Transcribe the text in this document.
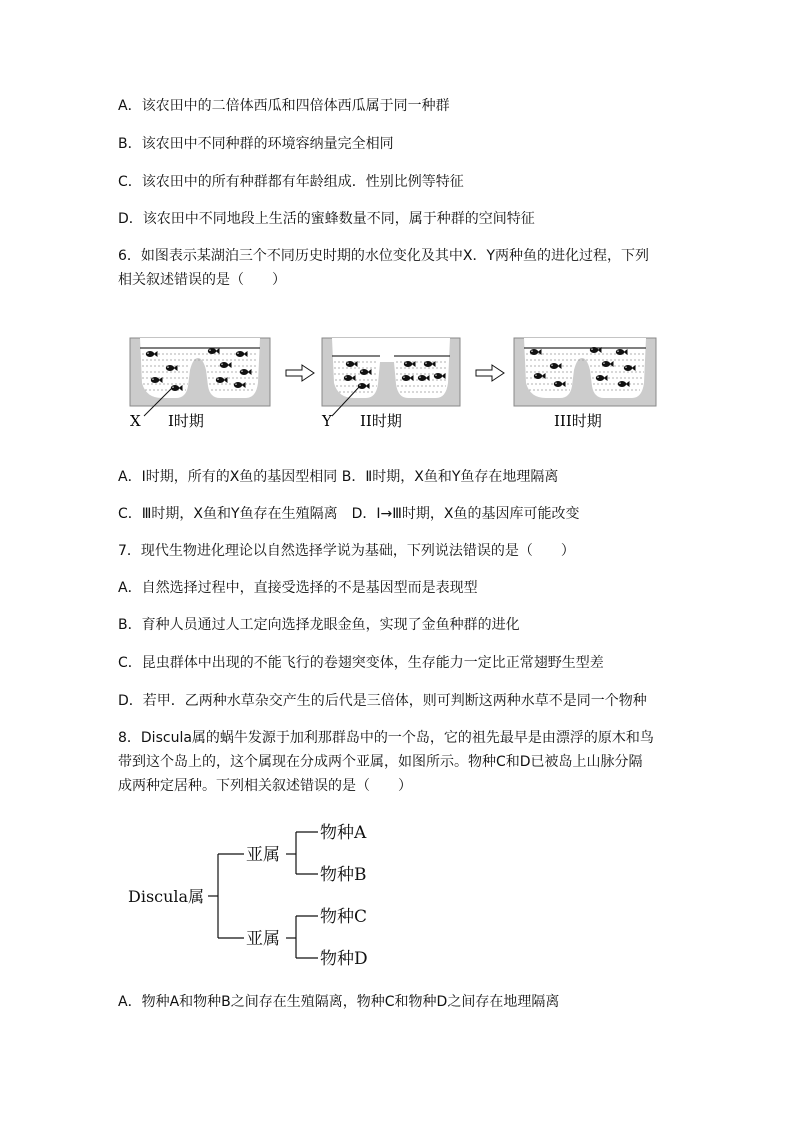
A．该农田中的二倍体西瓜和四倍体西瓜属于同一种群
B．该农田中不同种群的环境容纳量完全相同
C．该农田中的所有种群都有年龄组成．性别比例等特征
D．该农田中不同地段上生活的蜜蜂数量不同，属于种群的空间特征
6．如图表示某湖泊三个不同历史时期的水位变化及其中X．Y两种鱼的进化过程，下列
相关叙述错误的是（　　）
X I时期	Y II时期	III时期
A．Ⅰ时期，所有的X鱼的基因型相同 B．Ⅱ时期，X鱼和Y鱼存在地理隔离
C．Ⅲ时期，X鱼和Y鱼存在生殖隔离　D．Ⅰ→Ⅲ时期，X鱼的基因库可能改变
7．现代生物进化理论以自然选择学说为基础，下列说法错误的是（　　）
A．自然选择过程中，直接受选择的不是基因型而是表现型
B．育种人员通过人工定向选择龙眼金鱼，实现了金鱼种群的进化
C．昆虫群体中出现的不能飞行的卷翅突变体，生存能力一定比正常翅野生型差
D．若甲．乙两种水草杂交产生的后代是三倍体，则可判断这两种水草不是同一个物种
8．Discula属的蜗牛发源于加利那群岛中的一个岛，它的祖先最早是由漂浮的原木和鸟
带到这个岛上的，这个属现在分成两个亚属，如图所示。物种C和D已被岛上山脉分隔
成两种定居种。下列相关叙述错误的是（　　）
Discula属
亚属
亚属
物种A
物种B
物种C
物种D
A．物种A和物种B之间存在生殖隔离，物种C和物种D之间存在地理隔离
